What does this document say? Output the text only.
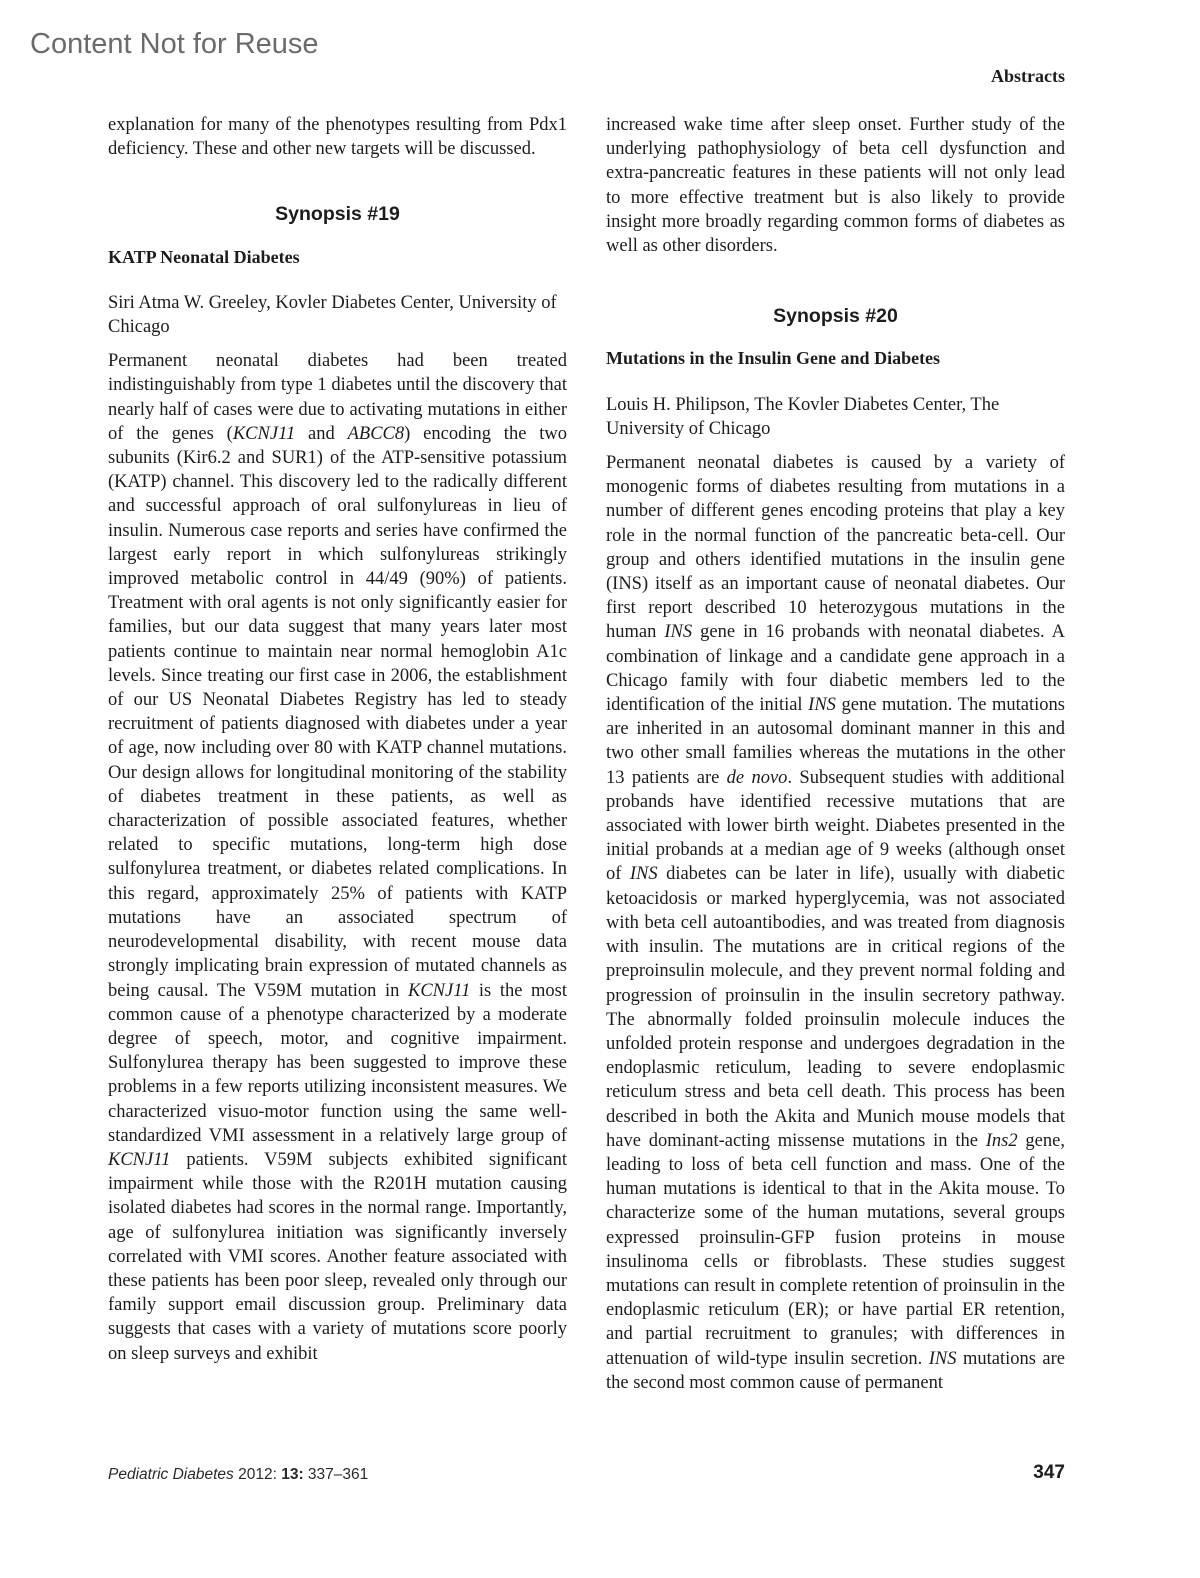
Content Not for Reuse
Abstracts

explanation for many of the phenotypes resulting from Pdx1 deficiency. These and other new targets will be discussed.

Synopsis #19

KATP Neonatal Diabetes

Siri Atma W. Greeley, Kovler Diabetes Center, University of Chicago

Permanent neonatal diabetes had been treated indistinguishably from type 1 diabetes until the discovery that nearly half of cases were due to activating mutations in either of the genes (KCNJ11 and ABCC8) encoding the two subunits (Kir6.2 and SUR1) of the ATP-sensitive potassium (KATP) channel. This discovery led to the radically different and successful approach of oral sulfonylureas in lieu of insulin. Numerous case reports and series have confirmed the largest early report in which sulfonylureas strikingly improved metabolic control in 44/49 (90%) of patients. Treatment with oral agents is not only significantly easier for families, but our data suggest that many years later most patients continue to maintain near normal hemoglobin A1c levels. Since treating our first case in 2006, the establishment of our US Neonatal Diabetes Registry has led to steady recruitment of patients diagnosed with diabetes under a year of age, now including over 80 with KATP channel mutations. Our design allows for longitudinal monitoring of the stability of diabetes treatment in these patients, as well as characterization of possible associated features, whether related to specific mutations, long-term high dose sulfonylurea treatment, or diabetes related complications. In this regard, approximately 25% of patients with KATP mutations have an associated spectrum of neurodevelopmental disability, with recent mouse data strongly implicating brain expression of mutated channels as being causal. The V59M mutation in KCNJ11 is the most common cause of a phenotype characterized by a moderate degree of speech, motor, and cognitive impairment. Sulfonylurea therapy has been suggested to improve these problems in a few reports utilizing inconsistent measures. We characterized visuo-motor function using the same well-standardized VMI assessment in a relatively large group of KCNJ11 patients. V59M subjects exhibited significant impairment while those with the R201H mutation causing isolated diabetes had scores in the normal range. Importantly, age of sulfonylurea initiation was significantly inversely correlated with VMI scores. Another feature associated with these patients has been poor sleep, revealed only through our family support email discussion group. Preliminary data suggests that cases with a variety of mutations score poorly on sleep surveys and exhibit

increased wake time after sleep onset. Further study of the underlying pathophysiology of beta cell dysfunction and extra-pancreatic features in these patients will not only lead to more effective treatment but is also likely to provide insight more broadly regarding common forms of diabetes as well as other disorders.

Synopsis #20

Mutations in the Insulin Gene and Diabetes

Louis H. Philipson, The Kovler Diabetes Center, The University of Chicago

Permanent neonatal diabetes is caused by a variety of monogenic forms of diabetes resulting from mutations in a number of different genes encoding proteins that play a key role in the normal function of the pancreatic beta-cell. Our group and others identified mutations in the insulin gene (INS) itself as an important cause of neonatal diabetes. Our first report described 10 heterozygous mutations in the human INS gene in 16 probands with neonatal diabetes. A combination of linkage and a candidate gene approach in a Chicago family with four diabetic members led to the identification of the initial INS gene mutation. The mutations are inherited in an autosomal dominant manner in this and two other small families whereas the mutations in the other 13 patients are de novo. Subsequent studies with additional probands have identified recessive mutations that are associated with lower birth weight. Diabetes presented in the initial probands at a median age of 9 weeks (although onset of INS diabetes can be later in life), usually with diabetic ketoacidosis or marked hyperglycemia, was not associated with beta cell autoantibodies, and was treated from diagnosis with insulin. The mutations are in critical regions of the preproinsulin molecule, and they prevent normal folding and progression of proinsulin in the insulin secretory pathway. The abnormally folded proinsulin molecule induces the unfolded protein response and undergoes degradation in the endoplasmic reticulum, leading to severe endoplasmic reticulum stress and beta cell death. This process has been described in both the Akita and Munich mouse models that have dominant-acting missense mutations in the Ins2 gene, leading to loss of beta cell function and mass. One of the human mutations is identical to that in the Akita mouse. To characterize some of the human mutations, several groups expressed proinsulin-GFP fusion proteins in mouse insulinoma cells or fibroblasts. These studies suggest mutations can result in complete retention of proinsulin in the endoplasmic reticulum (ER); or have partial ER retention, and partial recruitment to granules; with differences in attenuation of wild-type insulin secretion. INS mutations are the second most common cause of permanent

Pediatric Diabetes 2012: 13: 337–361	347
